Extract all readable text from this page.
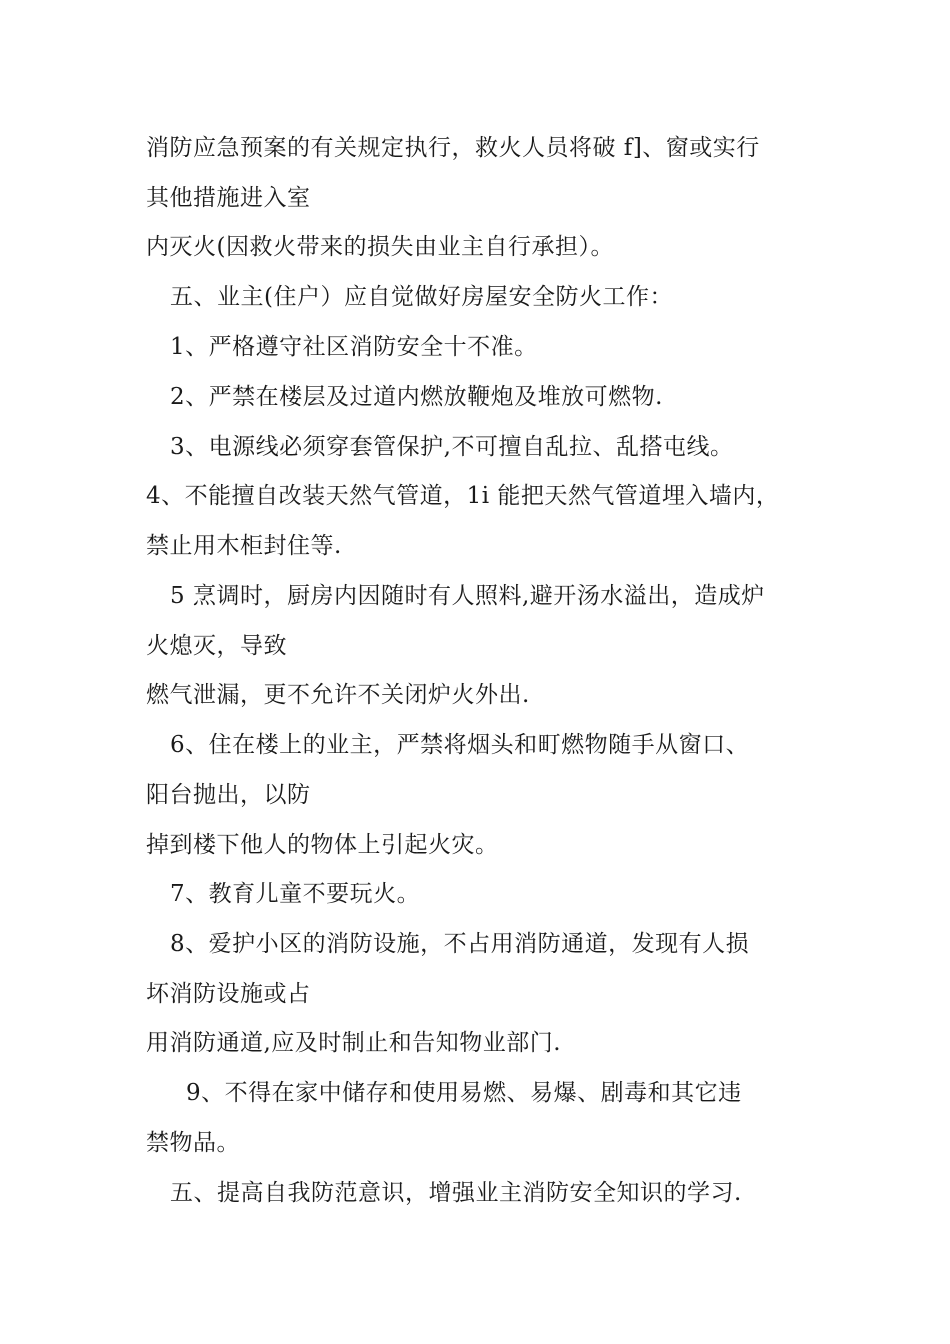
消防应急预案的有关规定执行，救火人员将破 f]、窗或实行
其他措施进入室
内灭火(因救火带来的损失由业主自行承担）。
五、业主(住户）应自觉做好房屋安全防火工作：
1、严格遵守社区消防安全十不准。
2、严禁在楼层及过道内燃放鞭炮及堆放可燃物.
3、电源线必须穿套管保护,不可擅自乱拉、乱搭屯线。
4、不能擅自改装天然气管道，1i 能把天然气管道埋入墙内，
禁止用木柜封住等.
5 烹调时，厨房内因随时有人照料,避开汤水溢出，造成炉
火熄灭，导致
燃气泄漏，更不允许不关闭炉火外出.
6、住在楼上的业主，严禁将烟头和町燃物随手从窗口、
阳台抛出，以防
掉到楼下他人的物体上引起火灾。
7、教育儿童不要玩火。
8、爱护小区的消防设施，不占用消防通道，发现有人损
坏消防设施或占
用消防通道,应及时制止和告知物业部门.
9、不得在家中储存和使用易燃、易爆、剧毒和其它违
禁物品。
五、提高自我防范意识，增强业主消防安全知识的学习.
